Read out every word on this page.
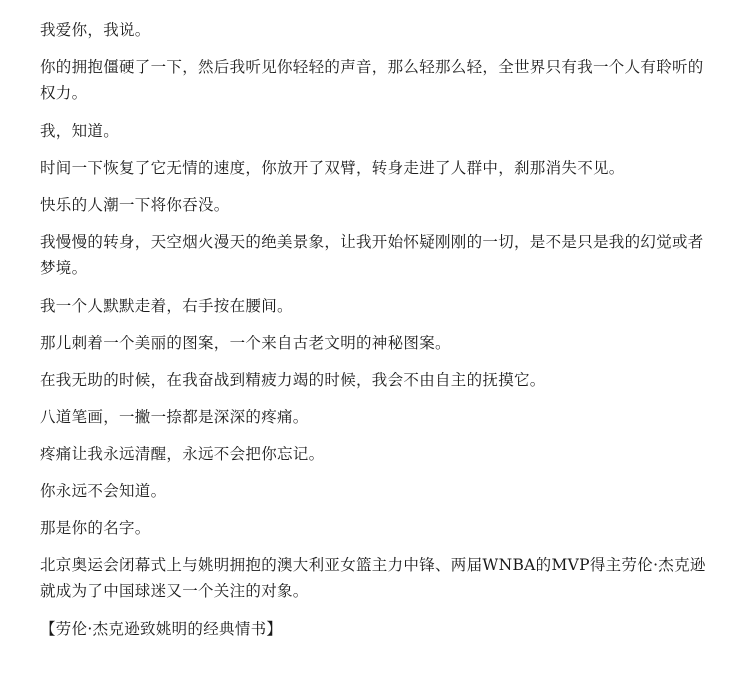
我爱你，我说。

你的拥抱僵硬了一下，然后我听见你轻轻的声音，那么轻那么轻，全世界只有我一个人有聆听的权力。

我，知道。

时间一下恢复了它无情的速度，你放开了双臂，转身走进了人群中，刹那消失不见。

快乐的人潮一下将你吞没。

我慢慢的转身，天空烟火漫天的绝美景象，让我开始怀疑刚刚的一切，是不是只是我的幻觉或者梦境。

我一个人默默走着，右手按在腰间。

那儿刺着一个美丽的图案，一个来自古老文明的神秘图案。

在我无助的时候，在我奋战到精疲力竭的时候，我会不由自主的抚摸它。

八道笔画，一撇一捺都是深深的疼痛。

疼痛让我永远清醒，永远不会把你忘记。

你永远不会知道。

那是你的名字。

北京奥运会闭幕式上与姚明拥抱的澳大利亚女篮主力中锋、两届WNBA的MVP得主劳伦·杰克逊就成为了中国球迷又一个关注的对象。

【劳伦·杰克逊致姚明的经典情书】
